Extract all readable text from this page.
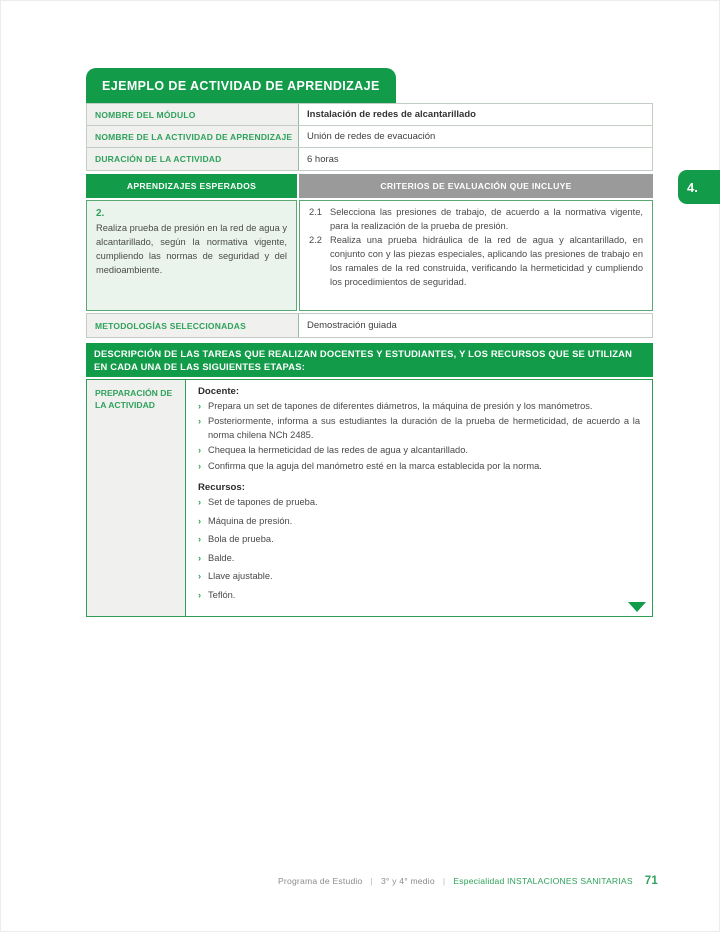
EJEMPLO DE ACTIVIDAD DE APRENDIZAJE
4.
NOMBRE DEL MÓDULO	Instalación de redes de alcantarillado
NOMBRE DE LA ACTIVIDAD DE APRENDIZAJE	Unión de redes de evacuación
DURACIÓN DE LA ACTIVIDAD	6 horas
APRENDIZAJES ESPERADOS	CRITERIOS DE EVALUACIÓN QUE INCLUYE
2.
Realiza prueba de presión en la red de agua y alcantarillado, según la normativa vigente, cumpliendo las normas de seguridad y del medioambiente.
2.1 Selecciona las presiones de trabajo, de acuerdo a la normativa vigente, para la realización de la prueba de presión.
2.2 Realiza una prueba hidráulica de la red de agua y alcantarillado, en conjunto con y las piezas especiales, aplicando las presiones de trabajo en los ramales de la red construida, verificando la hermeticidad y cumpliendo los procedimientos de seguridad.
METODOLOGÍAS SELECCIONADAS	Demostración guiada
DESCRIPCIÓN DE LAS TAREAS QUE REALIZAN DOCENTES Y ESTUDIANTES, Y LOS RECURSOS QUE SE UTILIZAN EN CADA UNA DE LAS SIGUIENTES ETAPAS:
PREPARACIÓN DE LA ACTIVIDAD
Docente:
› Prepara un set de tapones de diferentes diámetros, la máquina de presión y los manómetros.
› Posteriormente, informa a sus estudiantes la duración de la prueba de hermeticidad, de acuerdo a la norma chilena NCh 2485.
› Chequea la hermeticidad de las redes de agua y alcantarillado.
› Confirma que la aguja del manómetro esté en la marca establecida por la norma.
Recursos:
› Set de tapones de prueba.
› Máquina de presión.
› Bola de prueba.
› Balde.
› Llave ajustable.
› Teflón.
Programa de Estudio | 3° y 4° medio | Especialidad INSTALACIONES SANITARIAS 71
